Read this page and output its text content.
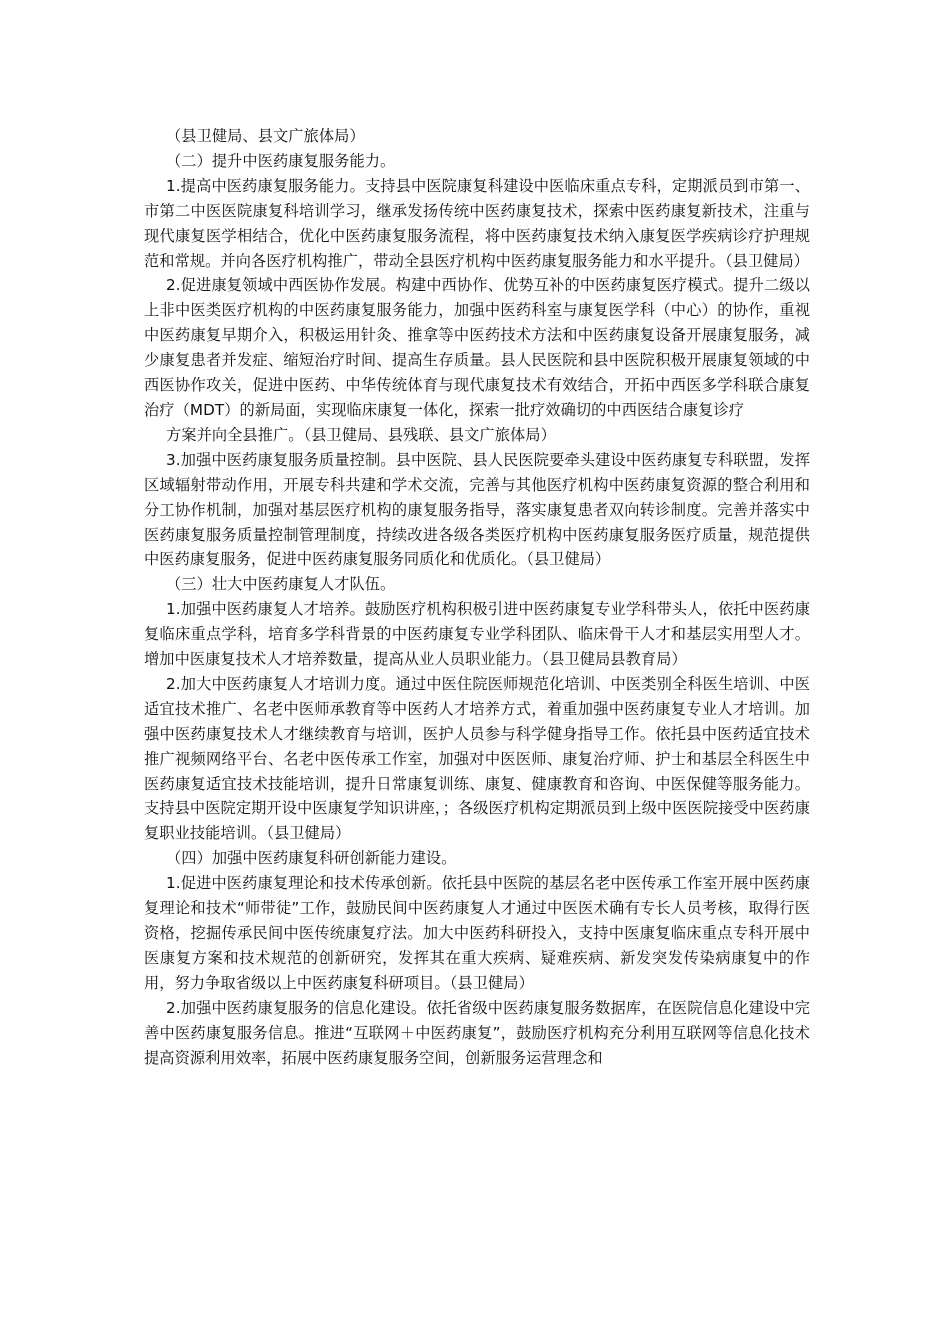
（县卫健局、县文广旅体局）

（二）提升中医药康复服务能力。

1.提高中医药康复服务能力。支持县中医院康复科建设中医临床重点专科，定期派员到市第一、市第二中医医院康复科培训学习，继承发扬传统中医药康复技术，探索中医药康复新技术，注重与现代康复医学相结合，优化中医药康复服务流程，将中医药康复技术纳入康复医学疾病诊疗护理规范和常规。并向各医疗机构推广，带动全县医疗机构中医药康复服务能力和水平提升。（县卫健局）

2.促进康复领域中西医协作发展。构建中西协作、优势互补的中医药康复医疗模式。提升二级以上非中医类医疗机构的中医药康复服务能力，加强中医药科室与康复医学科（中心）的协作，重视中医药康复早期介入，积极运用针灸、推拿等中医药技术方法和中医药康复设备开展康复服务，减少康复患者并发症、缩短治疗时间、提高生存质量。县人民医院和县中医院积极开展康复领域的中西医协作攻关，促进中医药、中华传统体育与现代康复技术有效结合，开拓中西医多学科联合康复治疗（MDT）的新局面，实现临床康复一体化，探索一批疗效确切的中西医结合康复诊疗

方案并向全县推广。（县卫健局、县残联、县文广旅体局）

3.加强中医药康复服务质量控制。县中医院、县人民医院要牵头建设中医药康复专科联盟，发挥区域辐射带动作用，开展专科共建和学术交流，完善与其他医疗机构中医药康复资源的整合利用和分工协作机制，加强对基层医疗机构的康复服务指导，落实康复患者双向转诊制度。完善并落实中医药康复服务质量控制管理制度，持续改进各级各类医疗机构中医药康复服务医疗质量，规范提供中医药康复服务，促进中医药康复服务同质化和优质化。（县卫健局）

（三）壮大中医药康复人才队伍。

1.加强中医药康复人才培养。鼓励医疗机构积极引进中医药康复专业学科带头人，依托中医药康复临床重点学科，培育多学科背景的中医药康复专业学科团队、临床骨干人才和基层实用型人才。增加中医康复技术人才培养数量，提高从业人员职业能力。（县卫健局县教育局）

2.加大中医药康复人才培训力度。通过中医住院医师规范化培训、中医类别全科医生培训、中医适宜技术推广、名老中医师承教育等中医药人才培养方式，着重加强中医药康复专业人才培训。加强中医药康复技术人才继续教育与培训，医护人员参与科学健身指导工作。依托县中医药适宜技术推广视频网络平台、名老中医传承工作室，加强对中医医师、康复治疗师、护士和基层全科医生中医药康复适宜技术技能培训，提升日常康复训练、康复、健康教育和咨询、中医保健等服务能力。支持县中医院定期开设中医康复学知识讲座，；各级医疗机构定期派员到上级中医医院接受中医药康复职业技能培训。（县卫健局）

（四）加强中医药康复科研创新能力建设。

1.促进中医药康复理论和技术传承创新。依托县中医院的基层名老中医传承工作室开展中医药康复理论和技术“师带徒”工作，鼓励民间中医药康复人才通过中医医术确有专长人员考核，取得行医资格，挖掘传承民间中医传统康复疗法。加大中医药科研投入，支持中医康复临床重点专科开展中医康复方案和技术规范的创新研究，发挥其在重大疾病、疑难疾病、新发突发传染病康复中的作用，努力争取省级以上中医药康复科研项目。（县卫健局）

2.加强中医药康复服务的信息化建设。依托省级中医药康复服务数据库，在医院信息化建设中完善中医药康复服务信息。推进“互联网＋中医药康复”，鼓励医疗机构充分利用互联网等信息化技术提高资源利用效率，拓展中医药康复服务空间，创新服务运营理念和
